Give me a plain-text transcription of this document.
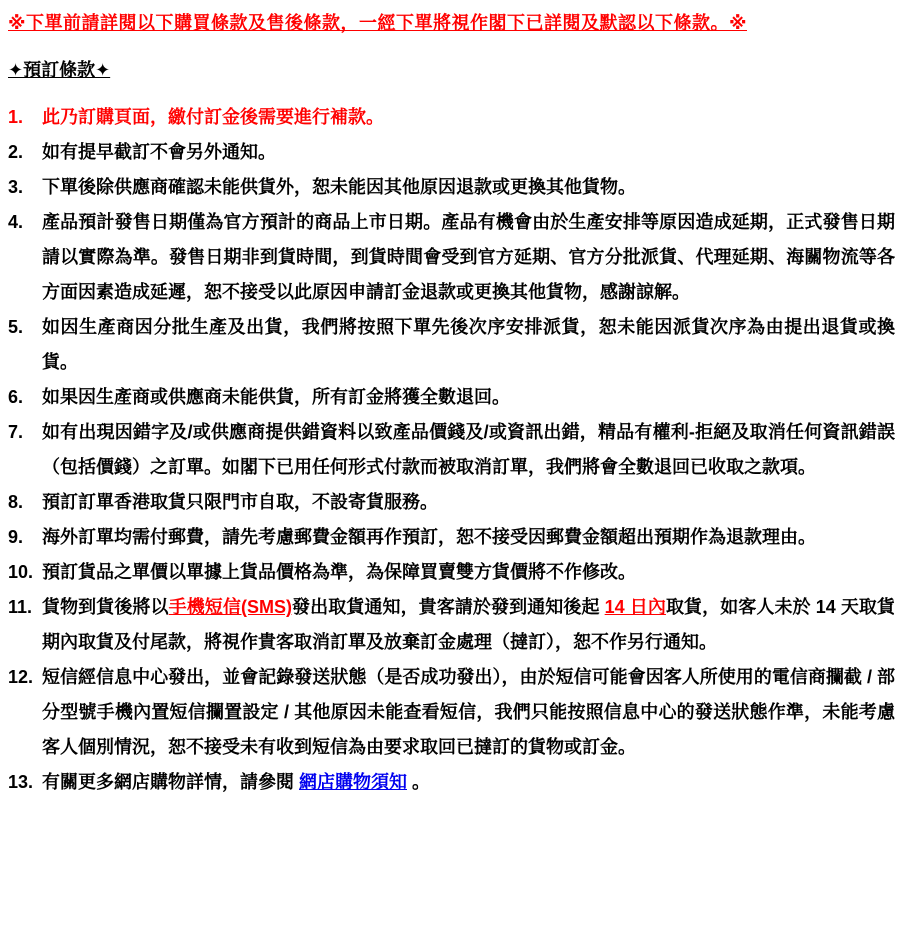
※下單前請詳閱以下購買條款及售後條款，一經下單將視作閣下已詳閱及默認以下條款。※
✦預訂條款✦
1.	此乃訂購頁面，繳付訂金後需要進行補款。
2.	如有提早截訂不會另外通知。
3.	下單後除供應商確認未能供貨外，恕未能因其他原因退款或更換其他貨物。
4.	產品預計發售日期僅為官方預計的商品上市日期。產品有機會由於生產安排等原因造成延期，正式發售日期請以實際為準。發售日期非到貨時間，到貨時間會受到官方延期、官方分批派貨、代理延期、海關物流等各方面因素造成延遲，恕不接受以此原因申請訂金退款或更換其他貨物，感謝諒解。
5.	如因生產商因分批生產及出貨，我們將按照下單先後次序安排派貨，恕未能因派貨次序為由提出退貨或換貨。
6.	如果因生產商或供應商未能供貨，所有訂金將獲全數退回。
7.	如有出現因錯字及/或供應商提供錯資料以致產品價錢及/或資訊出錯，精品有權利-拒絕及取消任何資訊錯誤（包括價錢）之訂單。如閣下已用任何形式付款而被取消訂單，我們將會全數退回已收取之款項。
8.	預訂訂單香港取貨只限門市自取，不設寄貨服務。
9.	海外訂單均需付郵費，請先考慮郵費金額再作預訂，恕不接受因郵費金額超出預期作為退款理由。
10. 預訂貨品之單價以單據上貨品價格為準，為保障買賣雙方貨價將不作修改。
11. 貨物到貨後將以手機短信(SMS)發出取貨通知，貴客請於發到通知後起 14 日內取貨，如客人未於 14 天取貨期內取貨及付尾款，將視作貴客取消訂單及放棄訂金處理（撻訂），恕不作另行通知。
12. 短信經信息中心發出，並會記錄發送狀態（是否成功發出），由於短信可能會因客人所使用的電信商攔截 / 部分型號手機內置短信攔置設定 / 其他原因未能查看短信，我們只能按照信息中心的發送狀態作準，未能考慮客人個別情況，恕不接受未有收到短信為由要求取回已撻訂的貨物或訂金。
13. 有關更多網店購物詳情，請參閱 網店購物須知 。
